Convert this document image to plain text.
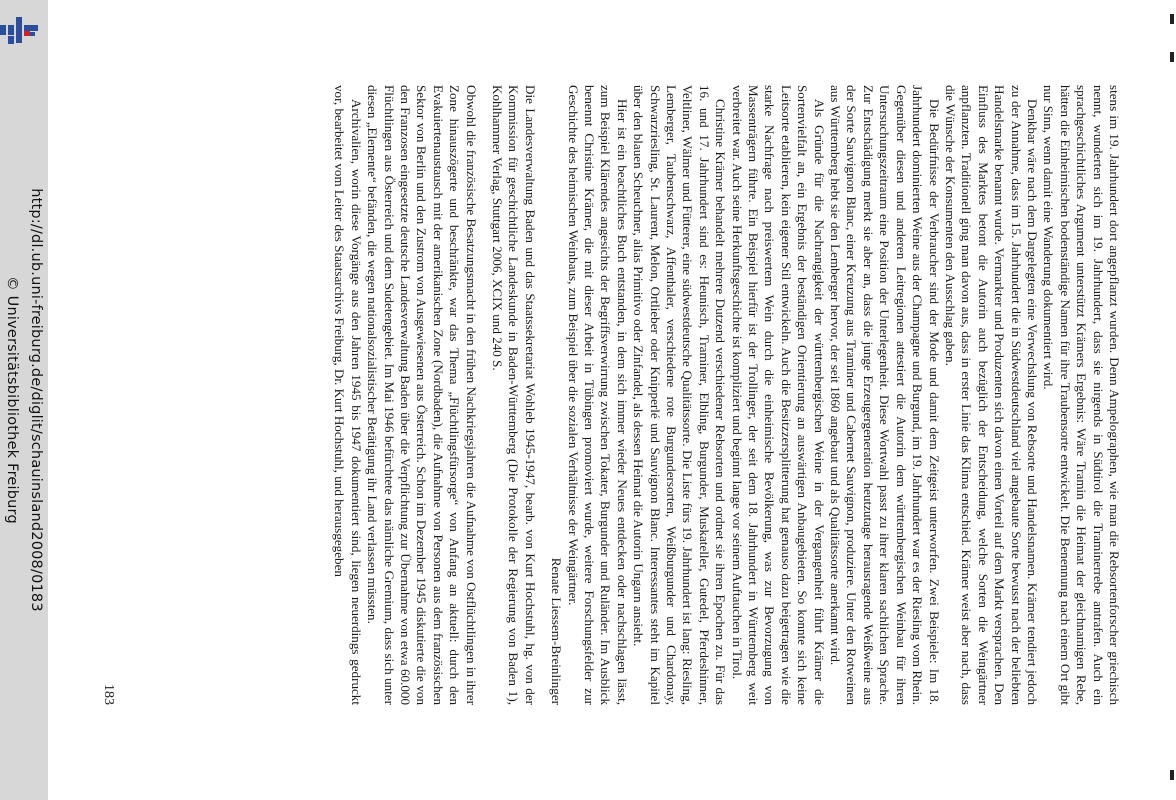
http://dl.ub.uni-freiburg.de/diglit/schauinsland2008/0183
© Universitätsbibliothek Freiburg	stens im 19. Jahrhundert dort angepflanzt wurden. Denn Ampelographen, wie man die Rebsortenforscher griechisch nennt, wunderten sich im 19. Jahrhundert, dass sie nirgends in Südtirol die Traminerrebe antrafen. Auch ein sprachgeschichtliches Argument unterstützt Krämers Ergebnis: Wäre Tramin die Heimat der gleichnamigen Rebe, hätten die Einheimischen bodenständige Namen für ihre Traubensorte entwickelt. Die Benennung nach einem Ort gibt nur Sinn, wenn damit eine Wanderung dokumentiert wird.

Denkbar wäre nach dem Dargelegten eine Verwechslung von Rebsorte und Handelsnamen. Krämer tendiert jedoch zu der Annahme, dass im 15. Jahrhundert die in Südwestdeutschland viel angebaute Sorte bewusst nach der beliebten Handelsmarke benannt wurde. Vermarkter und Produzenten sich davon einen Vorteil auf dem Markt versprachen. Den Einfluss des Marktes betont die Autorin auch bezüglich der Entscheidung, welche Sorten die Weingärtner anpflanzten. Traditionell ging man davon aus, dass in erster Linie das Klima entschied. Krämer weist aber nach, dass die Wünsche der Konsumenten den Ausschlag gaben.

Die Bedürfnisse der Verbraucher sind der Mode und damit dem Zeitgeist unterworfen. Zwei Beispiele: Im 18. Jahrhundert dominierten Weine aus der Champagne und Burgund, im 19. Jahrhundert war es der Riesling vom Rhein. Gegenüber diesen und anderen Leitregionen attestiert die Autorin dem württembergischen Weinbau für ihren Untersuchungszeitraum eine Position der Unterlegenheit. Diese Wortwahl passt zu ihrer klaren sachlichen Sprache. Zur Entschädigung merkt sie aber an, dass die junge Erzeugergeneration heutzutage herausragende Weißweine aus der Sorte Sauvignon Blanc, einer Kreuzung aus Traminer und Cabernet Sauvignon, produziere. Unter den Rotweinen aus Württemberg hebt sie den Lemberger hervor, der seit 1860 angebaut und als Qualitätssorte anerkannt wird.

Als Gründe für die Nachrangigkeit der württembergischen Weine in der Vergangenheit führt Krämer die Sortenvielfalt an, ein Ergebnis der beständigen Orientierung an auswärtigen Anbaugebieten. So konnte sich keine Leitsorte etablieren, kein eigener Stil entwickeln. Auch die Besitzzersplitterung hat genauso dazu beigetragen wie die starke Nachfrage nach preiswertem Wein durch die einheimische Bevölkerung, was zur Bevorzugung von Massenträgern führte. Ein Beispiel hierfür ist der Trollinger, der seit dem 18. Jahrhundert in Württemberg weit verbreitet war. Auch seine Herkunftsgeschichte ist kompliziert und beginnt lange vor seinem Auftauchen in Tirol.

Christine Krämer behandelt mehrere Dutzend verschiedener Rebsorten und ordnet sie ihren Epochen zu. Für das 16. und 17. Jahrhundert sind es: Heunisch, Traminer, Elbling, Burgunder, Muskateller, Gutedel, Pferdeshinner, Veltliner, Wälmer und Fütterer, eine südwestdeutsche Qualitätssorte. Die Liste fürs 19. Jahrhundert ist lang: Riesling, Lemberger, Taubenschwarz, Affenthaler, verschiedene rote Burgundersorten, Weißburgunder und Chardonay, Schwarzriesling, St. Laurent, Melon, Ortlieber oder Knipperlé und Sauvignon Blanc. Interessantes steht im Kapitel über den blauen Scheuchner, alias Primitivo oder Zinfandel, als dessen Heimat die Autorin Ungarn ansieht.

Hier ist ein beachtliches Buch entstanden, in dem sich immer wieder Neues entdecken oder nachschlagen lässt, zum Beispiel Klärendes angesichts der Begriffsverwirrung zwischen Tokater, Burgunder und Ruländer. Im Ausblick benennt Christine Krämer, die mit dieser Arbeit in Tübingen promoviert wurde, weitere Forschungsfelder zur Geschichte des heimischen Weinbaus, zum Beispiel über die sozialen Verhältnisse der Weingärtner.

Renate Liessem-Breinlinger

Die Landesverwaltung Baden und das Staatssekretariat Wohleb 1945-1947, bearb. von Kurt Hochstuhl, hg. von der Kommission für geschichtliche Landeskunde in Baden-Württemberg (Die Protokolle der Regierung von Baden 1), Kohlhammer Verlag, Stuttgart 2006, XCIX und 240 S.

Obwohl die französische Besatzungsmacht in den frühen Nachkriegsjahren die Aufnahme von Ostflüchtlingen in ihrer Zone hinauszögerte und beschränkte, war das Thema „Flüchtlingsfürsorge“ von Anfang an aktuell: durch den Evakuiertenaustausch mit der amerikanischen Zone (Nordbaden), die Aufnahme von Personen aus dem französischen Sektor von Berlin und den Zustrom von Ausgewiesenen aus Österreich. Schon im Dezember 1945 diskutierte die von den Franzosen eingesetzte deutsche Landesverwaltung Baden über die Verpflichtung zur Übernahme von etwa 60.000 Flüchtlingen aus Österreich und dem Sudetengebiet. Im Mai 1946 befürchtete das nämliche Gremium, dass sich unter diesen „Elemente“ befänden, die wegen nationalsozialistischer Betätigung ihr Land verlassen müssten.

Archivalien, worin diese Vorgänge aus den Jahren 1945 bis 1947 dokumentiert sind, liegen neuerdings gedruckt vor, bearbeitet vom Leiter des Staatsarchivs Freiburg, Dr. Kurt Hochstuhl, und herausgegeben

183
